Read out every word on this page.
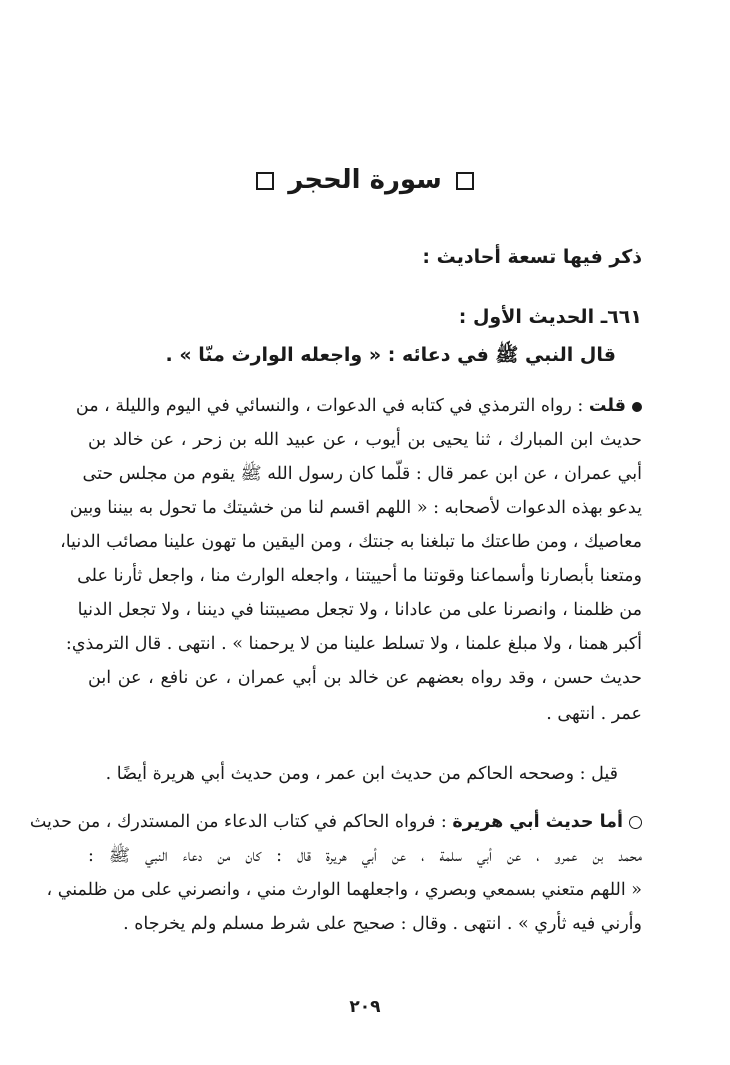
سورة الحجر
ذكر فيها تسعة أحاديث :
٦٦١ـ الحديث الأول :
قال النبي ﷺ في دعائه : « واجعله الوارث منّا » .
قلت : رواه الترمذي في كتابه في الدعوات ، والنسائي في اليوم والليلة ، من
حديث ابن المبارك ، ثنا يحيى بن أيوب ، عن عبيد الله بن زحر ، عن خالد بن
أبي عمران ، عن ابن عمر قال : قلّما كان رسول الله ﷺ يقوم من مجلس حتى
يدعو بهذه الدعوات لأصحابه : « اللهم اقسم لنا من خشيتك ما تحول به بيننا وبين
معاصيك ، ومن طاعتك ما تبلغنا به جنتك ، ومن اليقين ما تهون علينا مصائب الدنيا،
ومتعنا بأبصارنا وأسماعنا وقوتنا ما أحييتنا ، واجعله الوارث منا ، واجعل ثأرنا على
من ظلمنا ، وانصرنا على من عادانا ، ولا تجعل مصيبتنا في ديننا ، ولا تجعل الدنيا
أكبر همنا ، ولا مبلغ علمنا ، ولا تسلط علينا من لا يرحمنا » . انتهى . قال الترمذي:
حديث حسن ، وقد رواه بعضهم عن خالد بن أبي عمران ، عن نافع ، عن ابن
عمر . انتهى .
قيل : وصححه الحاكم من حديث ابن عمر ، ومن حديث أبي هريرة أيضًا .
أما حديث أبي هريرة : فرواه الحاكم في كتاب الدعاء من المستدرك ، من حديث
محمد بن عمرو ، عن أبي سلمة ، عن أبي هريرة قال : كان من دعاء النبي ﷺ :
« اللهم متعني بسمعي وبصري ، واجعلهما الوارث مني ، وانصرني على من ظلمني ،
وأرني فيه ثأري » . انتهى . وقال : صحيح على شرط مسلم ولم يخرجاه .
٢٠٩
